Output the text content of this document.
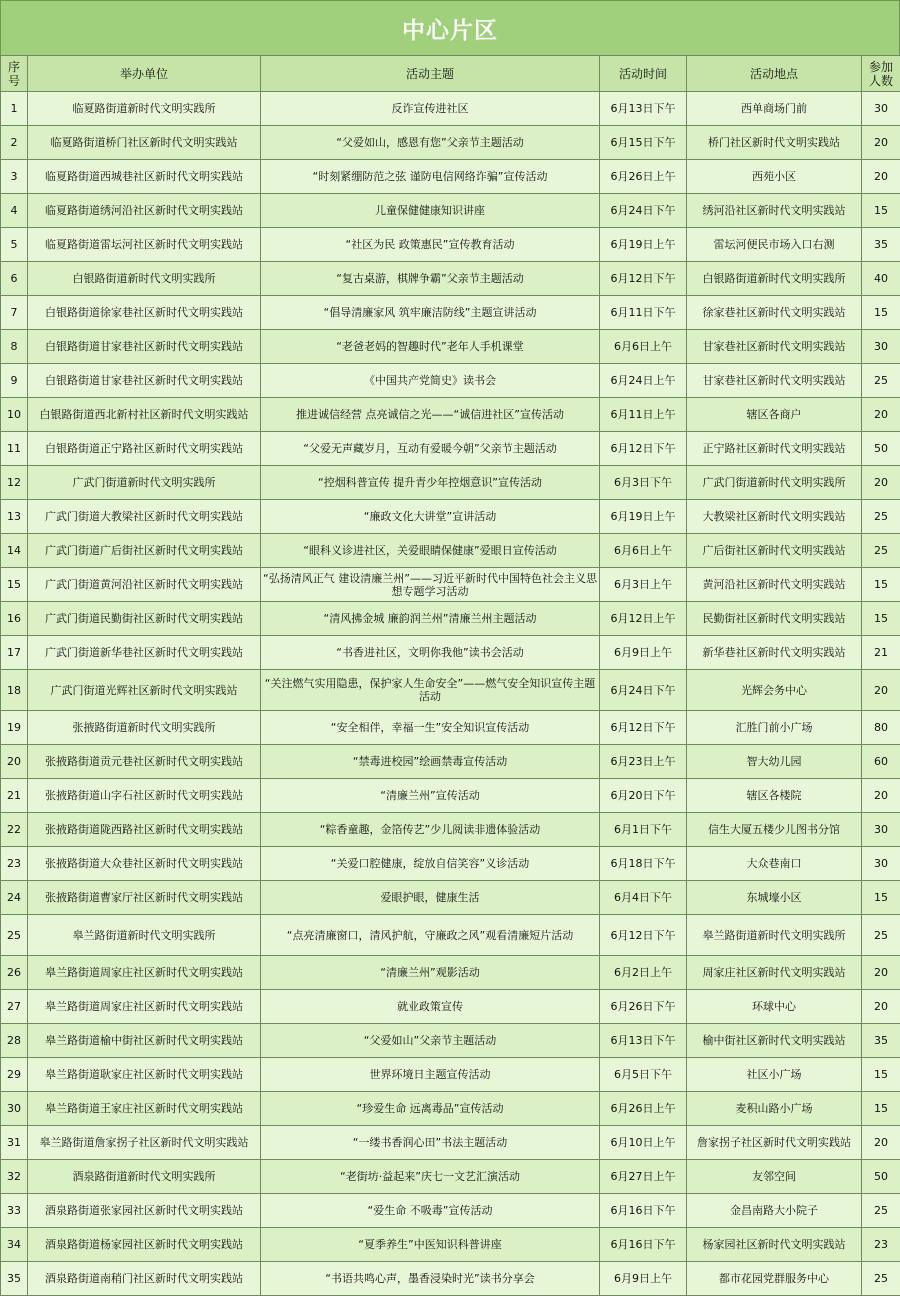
中心片区
序号	举办单位	活动主题	活动时间	活动地点	参加人数
1	临夏路街道新时代文明实践所	反诈宣传进社区	6月13日下午	西单商场门前	30
2	临夏路街道桥门社区新时代文明实践站	“父爱如山，感恩有您”父亲节主题活动	6月15日下午	桥门社区新时代文明实践站	20
3	临夏路街道西城巷社区新时代文明实践站	“时刻紧绷防范之弦 谨防电信网络诈骗”宣传活动	6月26日上午	西苑小区	20
4	临夏路街道绣河沿社区新时代文明实践站	儿童保健健康知识讲座	6月24日下午	绣河沿社区新时代文明实践站	15
5	临夏路街道雷坛河社区新时代文明实践站	“社区为民 政策惠民”宣传教育活动	6月19日上午	雷坛河便民市场入口右测	35
6	白银路街道新时代文明实践所	“复古桌游，棋牌争霸”父亲节主题活动	6月12日下午	白银路街道新时代文明实践所	40
7	白银路街道徐家巷社区新时代文明实践站	“倡导清廉家风 筑牢廉洁防线”主题宣讲活动	6月11日下午	徐家巷社区新时代文明实践站	15
8	白银路街道甘家巷社区新时代文明实践站	“老爸老妈的智趣时代”老年人手机课堂	6月6日上午	甘家巷社区新时代文明实践站	30
9	白银路街道甘家巷社区新时代文明实践站	《中国共产党简史》读书会	6月24日上午	甘家巷社区新时代文明实践站	25
10	白银路街道西北新村社区新时代文明实践站	推进诚信经营 点亮诚信之光——“诚信进社区”宣传活动	6月11日上午	辖区各商户	20
11	白银路街道正宁路社区新时代文明实践站	“父爱无声藏岁月，互动有爱暖今朝”父亲节主题活动	6月12日下午	正宁路社区新时代文明实践站	50
12	广武门街道新时代文明实践所	“控烟科普宣传 提升青少年控烟意识”宣传活动	6月3日下午	广武门街道新时代文明实践所	20
13	广武门街道大教梁社区新时代文明实践站	“廉政文化大讲堂”宣讲活动	6月19日上午	大教梁社区新时代文明实践站	25
14	广武门街道广后街社区新时代文明实践站	“眼科义诊进社区，关爱眼睛保健康”爱眼日宣传活动	6月6日上午	广后街社区新时代文明实践站	25
15	广武门街道黄河沿社区新时代文明实践站	“弘扬清风正气 建设清廉兰州”——习近平新时代中国特色社会主义思想专题学习活动	6月3日上午	黄河沿社区新时代文明实践站	15
16	广武门街道民勤街社区新时代文明实践站	“清风拂金城 廉韵润兰州”清廉兰州主题活动	6月12日上午	民勤街社区新时代文明实践站	15
17	广武门街道新华巷社区新时代文明实践站	“书香进社区，文明你我他”读书会活动	6月9日上午	新华巷社区新时代文明实践站	21
18	广武门街道光辉社区新时代文明实践站	“关注燃气实用隐患，保护家人生命安全”——燃气安全知识宣传主题活动	6月24日下午	光辉会务中心	20
19	张掖路街道新时代文明实践所	“安全相伴，幸福一生”安全知识宣传活动	6月12日下午	汇胜门前小广场	80
20	张掖路街道贡元巷社区新时代文明实践站	“禁毒进校园”绘画禁毒宣传活动	6月23日上午	智大幼儿园	60
21	张掖路街道山字石社区新时代文明实践站	“清廉兰州”宣传活动	6月20日下午	辖区各楼院	20
22	张掖路街道陇西路社区新时代文明实践站	“粽香童趣，金箔传艺”少儿阅读非遗体验活动	6月1日下午	信生大厦五楼少儿图书分馆	30
23	张掖路街道大众巷社区新时代文明实践站	“关爱口腔健康，绽放自信笑容”义诊活动	6月18日下午	大众巷南口	30
24	张掖路街道曹家厅社区新时代文明实践站	爱眼护眼，健康生活	6月4日下午	东城壕小区	15
25	皋兰路街道新时代文明实践所	“点亮清廉窗口，清风护航，守廉政之风”观看清廉短片活动	6月12日下午	皋兰路街道新时代文明实践所	25
26	皋兰路街道周家庄社区新时代文明实践站	“清廉兰州”观影活动	6月2日上午	周家庄社区新时代文明实践站	20
27	皋兰路街道周家庄社区新时代文明实践站	就业政策宣传	6月26日下午	环球中心	20
28	皋兰路街道榆中街社区新时代文明实践站	“父爱如山”父亲节主题活动	6月13日下午	榆中街社区新时代文明实践站	35
29	皋兰路街道耿家庄社区新时代文明实践站	世界环境日主题宣传活动	6月5日下午	社区小广场	15
30	皋兰路街道王家庄社区新时代文明实践站	“珍爱生命 远离毒品”宣传活动	6月26日上午	麦积山路小广场	15
31	皋兰路街道詹家拐子社区新时代文明实践站	“一缕书香润心田”书法主题活动	6月10日上午	詹家拐子社区新时代文明实践站	20
32	酒泉路街道新时代文明实践所	“老街坊·益起来”庆七一文艺汇演活动	6月27日上午	友邻空间	50
33	酒泉路街道张家园社区新时代文明实践站	“爱生命 不吸毒”宣传活动	6月16日下午	金昌南路大小院子	25
34	酒泉路街道杨家园社区新时代文明实践站	“夏季养生”中医知识科普讲座	6月16日下午	杨家园社区新时代文明实践站	23
35	酒泉路街道南稍门社区新时代文明实践站	“书语共鸣心声，墨香浸染时光”读书分享会	6月9日上午	都市花园党群服务中心	25
